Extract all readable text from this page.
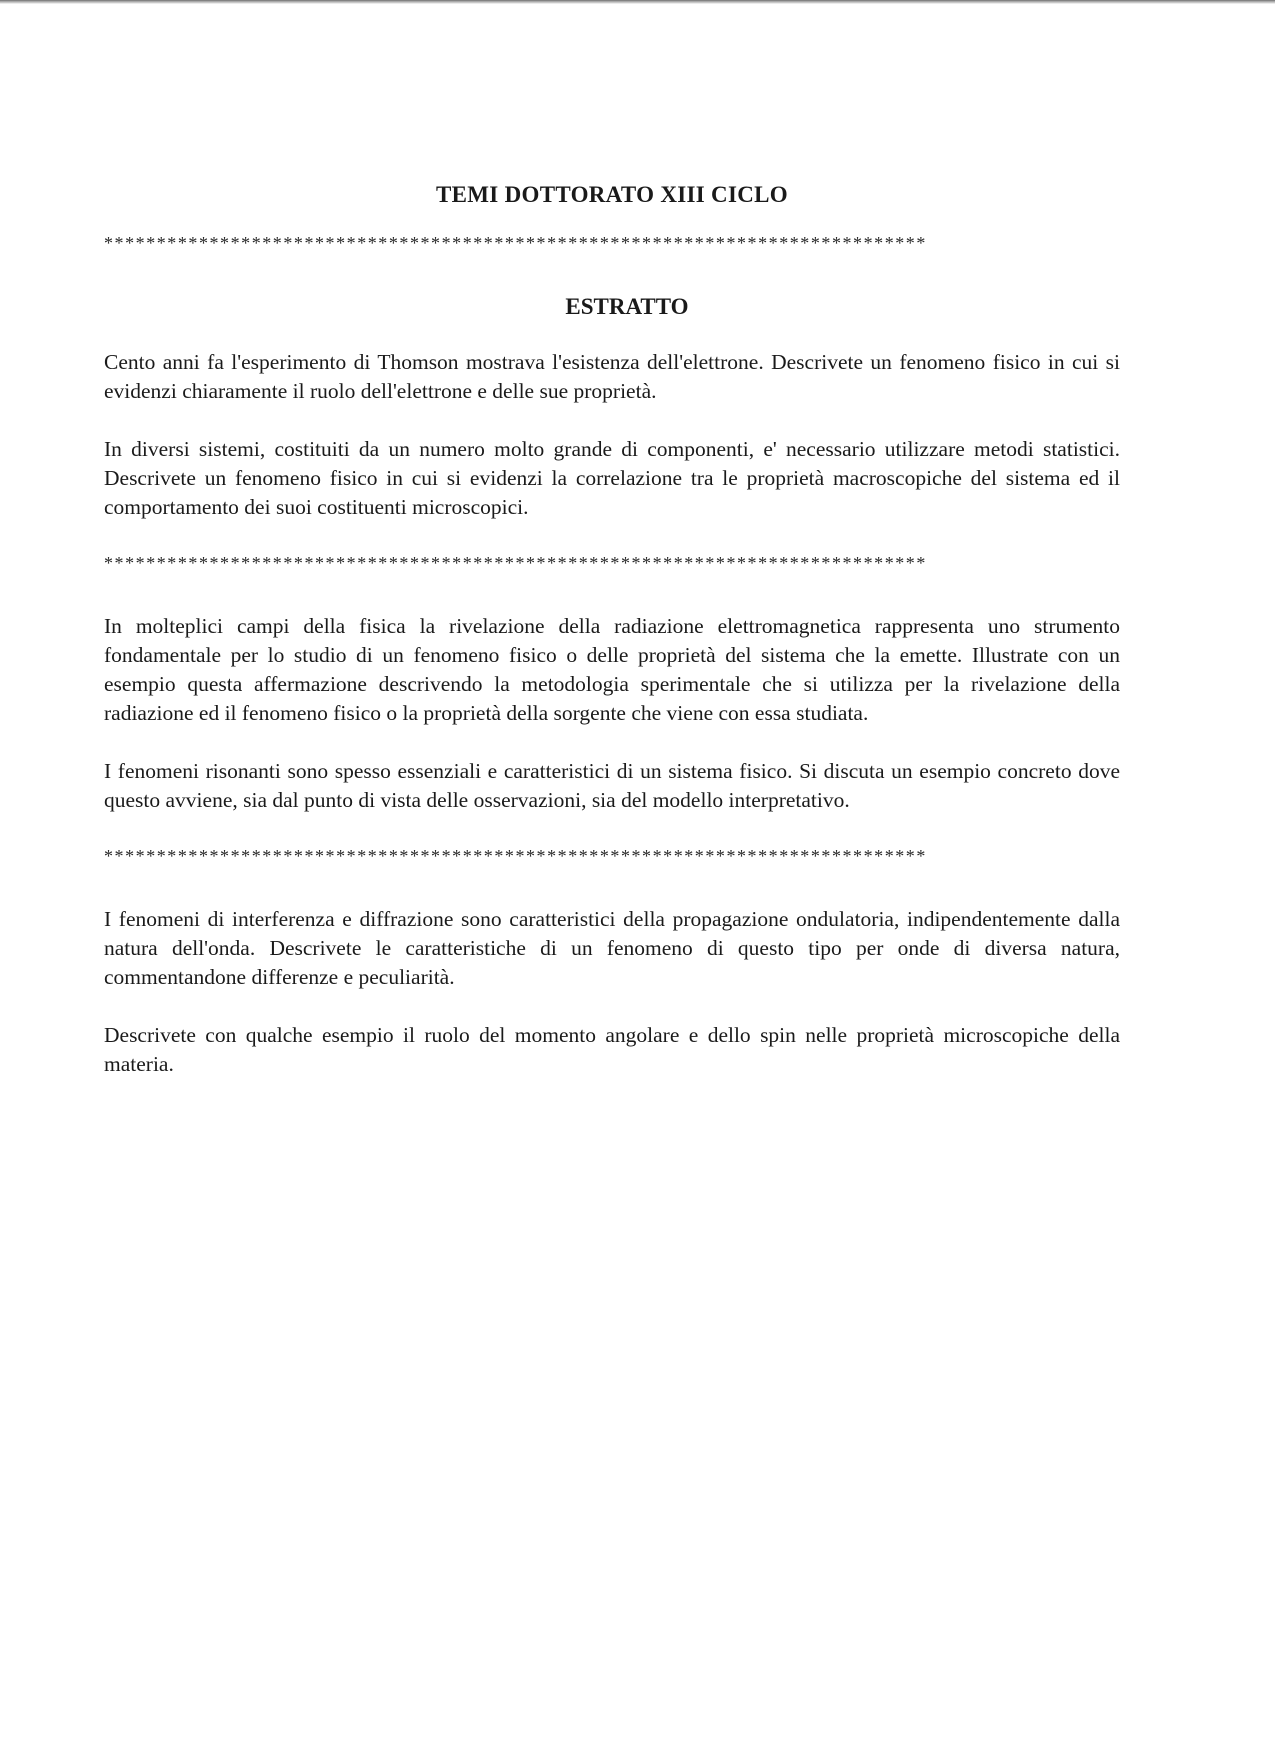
TEMI DOTTORATO XIII CICLO
******************************************************************************
ESTRATTO

Cento anni fa l'esperimento di Thomson mostrava l'esistenza dell'elettrone. Descrivete un fenomeno fisico in cui si evidenzi chiaramente il ruolo dell'elettrone e delle sue proprietà.

In diversi sistemi, costituiti da un numero molto grande di componenti, e' necessario utilizzare metodi statistici. Descrivete un fenomeno fisico in cui si evidenzi la correlazione tra le proprietà macroscopiche del sistema ed il comportamento dei suoi costituenti microscopici.

******************************************************************************

In molteplici campi della fisica la rivelazione della radiazione elettromagnetica rappresenta uno strumento fondamentale per lo studio di un fenomeno fisico o delle proprietà del sistema che la emette. Illustrate con un esempio questa affermazione descrivendo la metodologia sperimentale che si utilizza per la rivelazione della radiazione ed il fenomeno fisico o la proprietà della sorgente che viene con essa studiata.

I fenomeni risonanti sono spesso essenziali e caratteristici di un sistema fisico. Si discuta un esempio concreto dove questo avviene, sia dal punto di vista delle osservazioni, sia del modello interpretativo.

******************************************************************************

I fenomeni di interferenza e diffrazione sono caratteristici della propagazione ondulatoria, indipendentemente dalla natura dell'onda. Descrivete le caratteristiche di un fenomeno di questo tipo per onde di diversa natura, commentandone differenze e peculiarità.

Descrivete con qualche esempio il ruolo del momento angolare e dello spin nelle proprietà microscopiche della materia.
